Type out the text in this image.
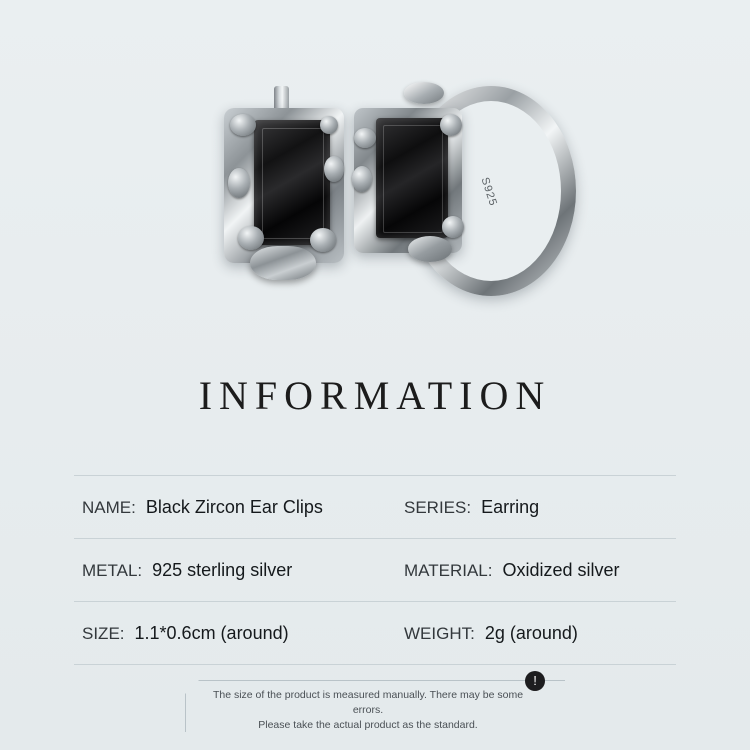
S925
INFORMATION
NAME: Black Zircon Ear Clips	SERIES: Earring
METAL: 925 sterling silver	MATERIAL: Oxidized silver
SIZE: 1.1*0.6cm (around)	WEIGHT: 2g (around)
The size of the product is measured manually. There may be some errors.
Please take the actual product as the standard.
!
